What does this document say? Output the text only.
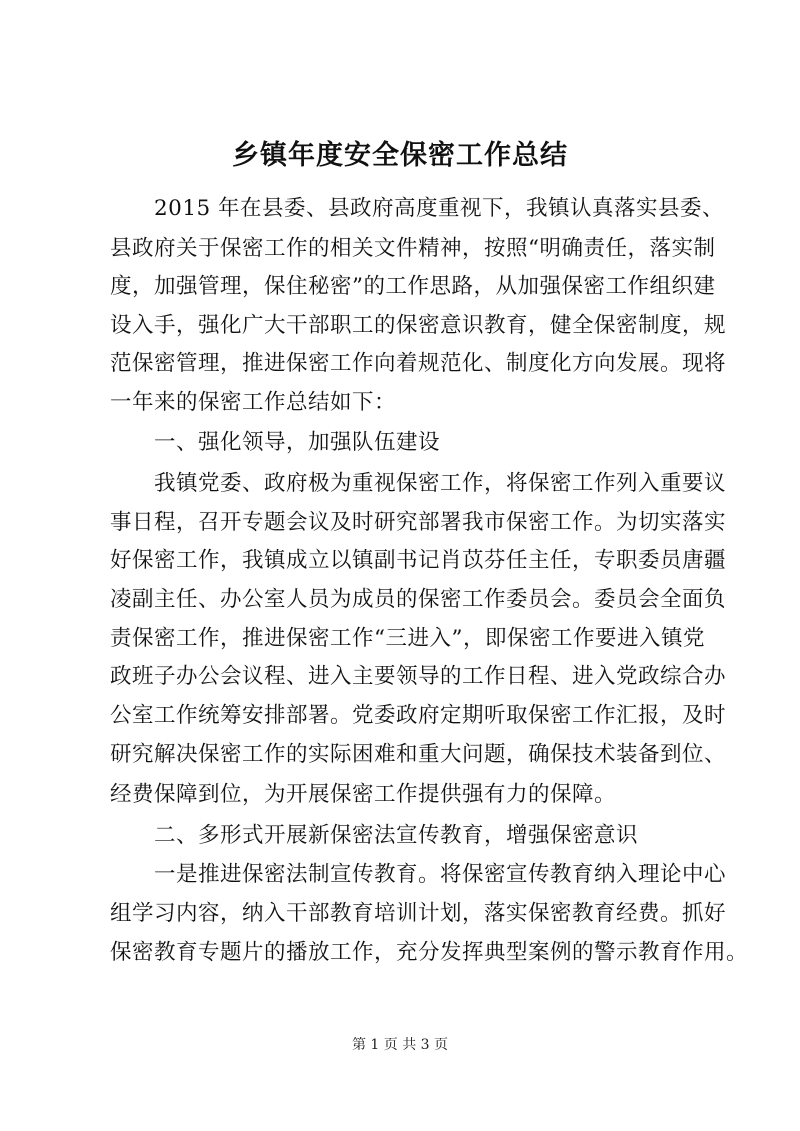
乡镇年度安全保密工作总结
　　2015 年在县委、县政府高度重视下，我镇认真落实县委、
县政府关于保密工作的相关文件精神，按照“明确责任，落实制
度，加强管理，保住秘密”的工作思路，从加强保密工作组织建
设入手，强化广大干部职工的保密意识教育，健全保密制度，规
范保密管理，推进保密工作向着规范化、制度化方向发展。现将
一年来的保密工作总结如下：
　　一、强化领导，加强队伍建设
　　我镇党委、政府极为重视保密工作，将保密工作列入重要议
事日程，召开专题会议及时研究部署我市保密工作。为切实落实
好保密工作，我镇成立以镇副书记肖苡芬任主任，专职委员唐疆
凌副主任、办公室人员为成员的保密工作委员会。委员会全面负
责保密工作，推进保密工作“三进入”，即保密工作要进入镇党
政班子办公会议程、进入主要领导的工作日程、进入党政综合办
公室工作统筹安排部署。党委政府定期听取保密工作汇报，及时
研究解决保密工作的实际困难和重大问题，确保技术装备到位、
经费保障到位，为开展保密工作提供强有力的保障。
　　二、多形式开展新保密法宣传教育，增强保密意识
　　一是推进保密法制宣传教育。将保密宣传教育纳入理论中心
组学习内容，纳入干部教育培训计划，落实保密教育经费。抓好
保密教育专题片的播放工作，充分发挥典型案例的警示教育作用。
第 1 页 共 3 页
